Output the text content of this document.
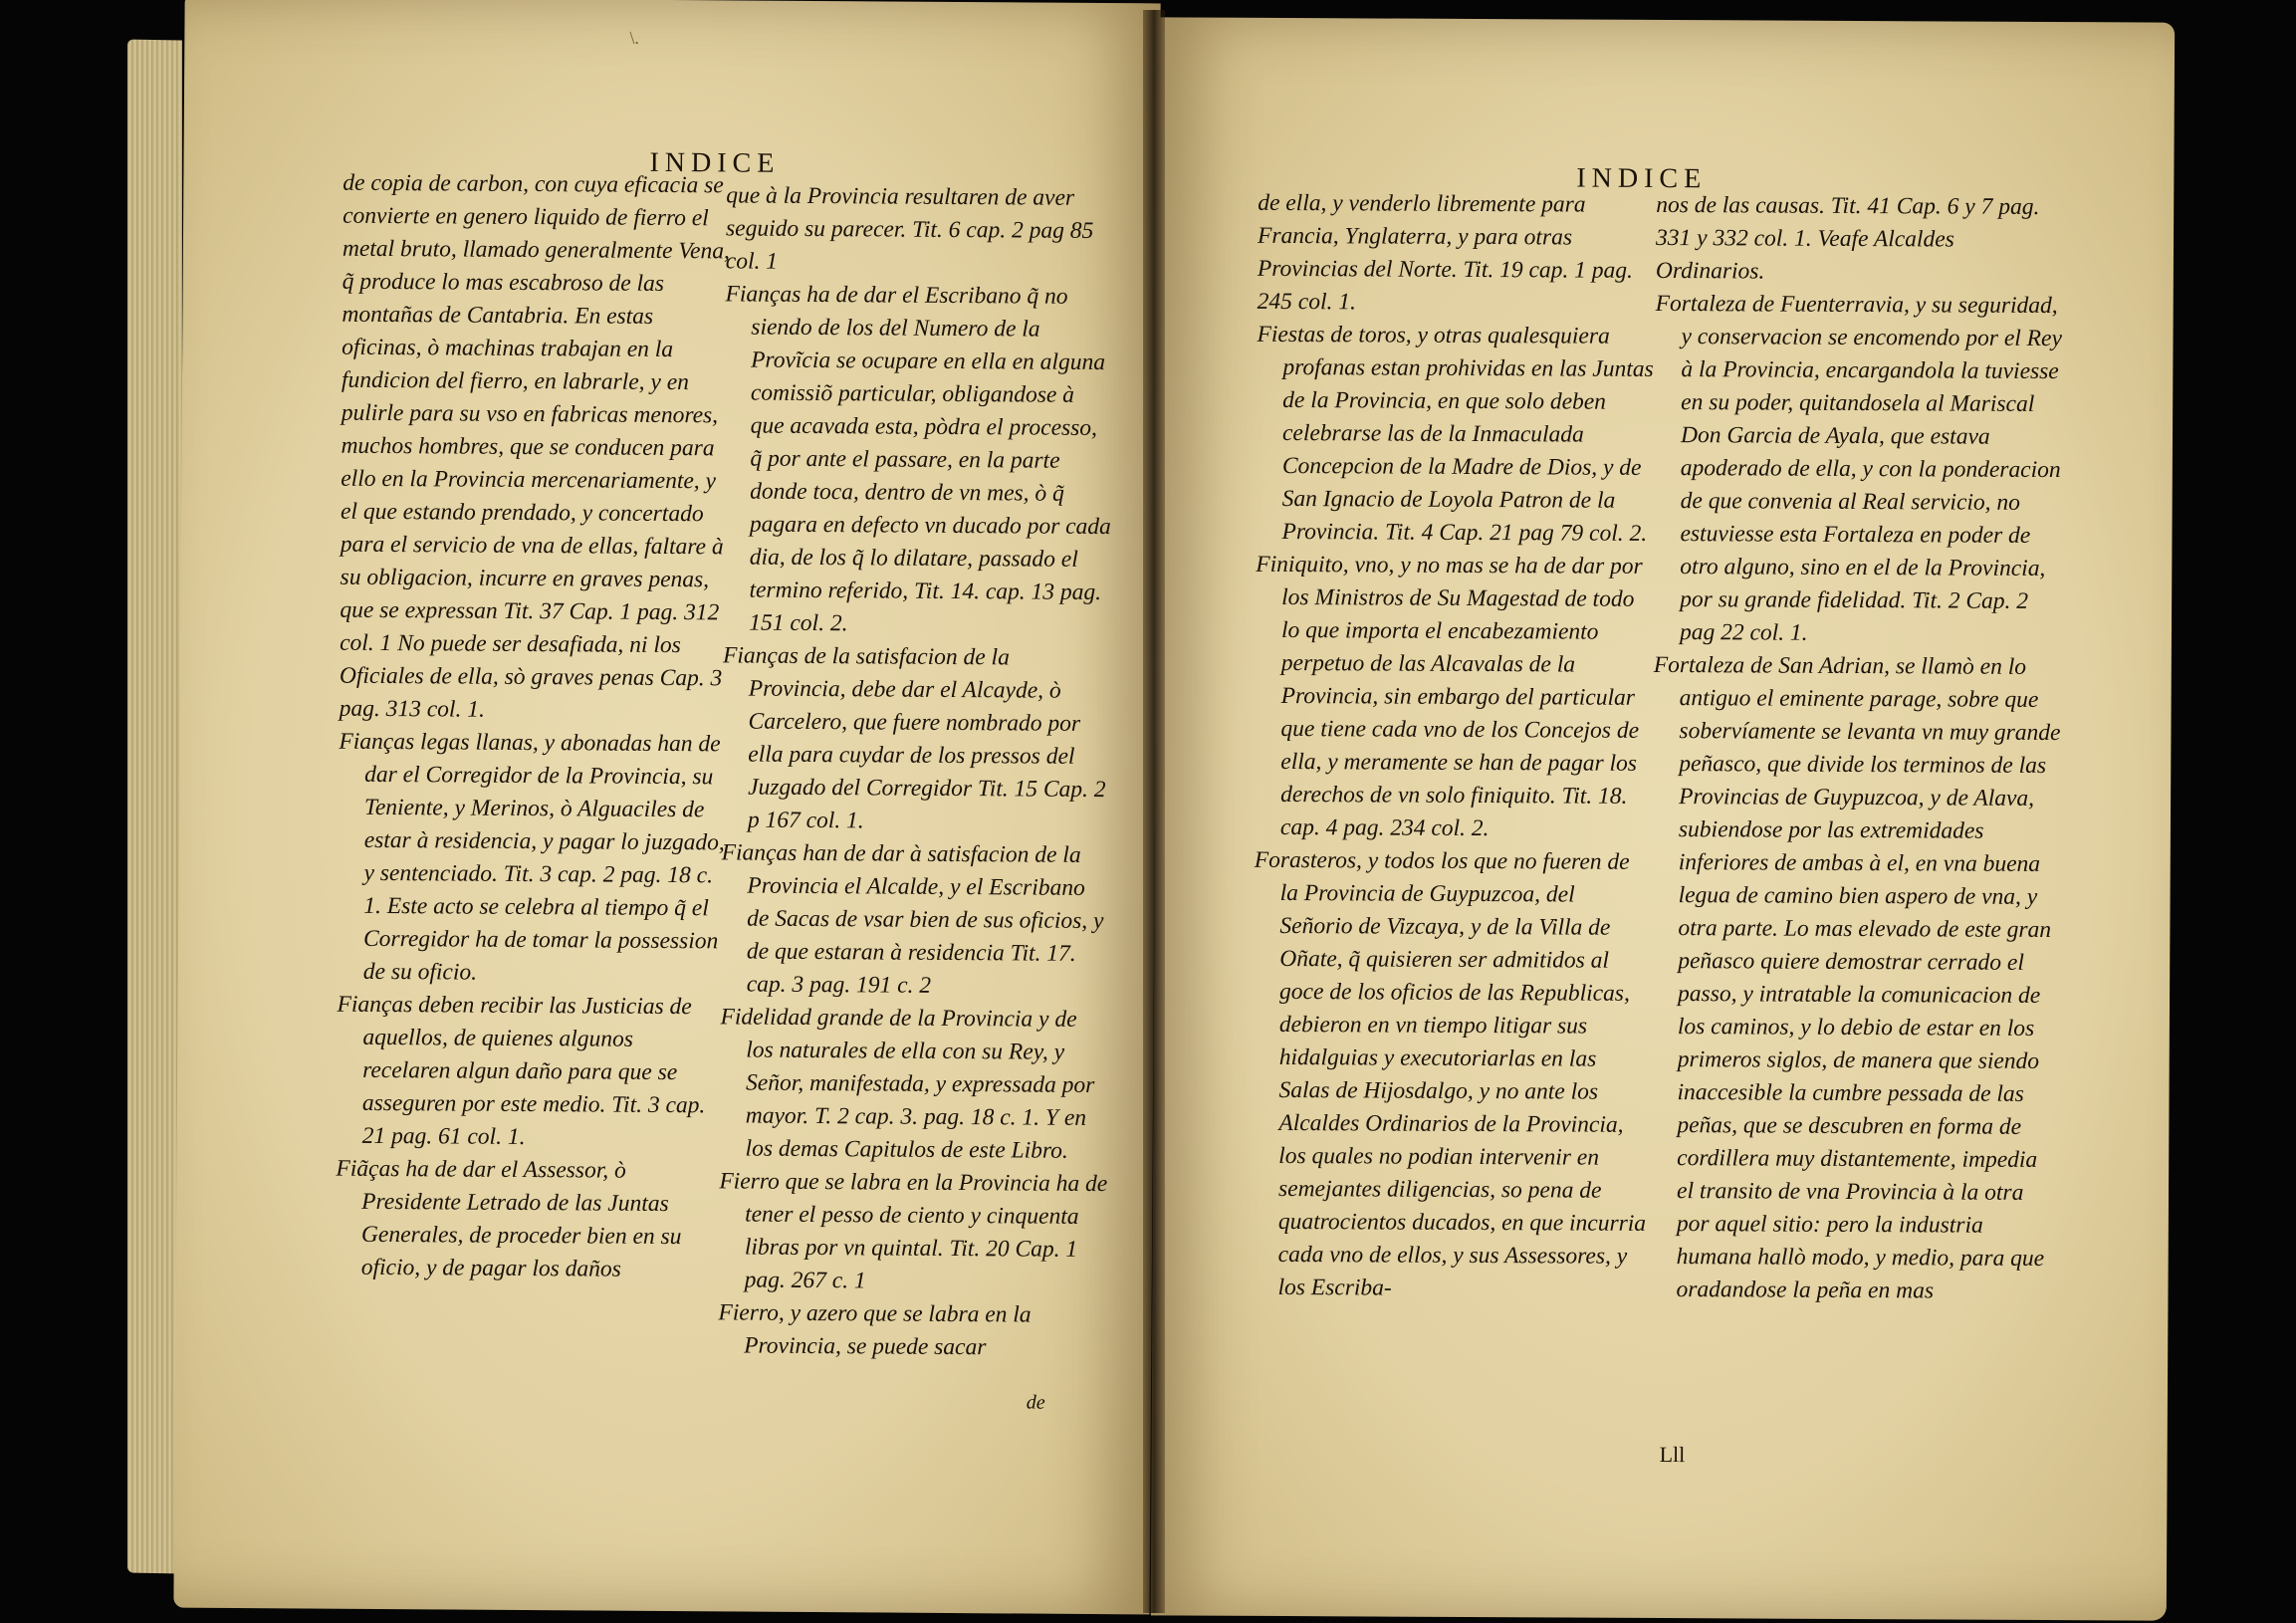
\.
INDICE

de copia de carbon, con cuya eficacia se convierte en genero liquido de fierro el metal bruto, llamado generalmente Vena, q̃ produce lo mas escabroso de las montañas de Cantabria. En estas oficinas, ò machinas trabajan en la fundicion del fierro, en labrarle, y en pulirle para su vso en fabricas menores, muchos hombres, que se conducen para ello en la Provincia mercenariamente, y el que estando prendado, y concertado para el servicio de vna de ellas, faltare à su obligacion, incurre en graves penas, que se expressan Tit. 37 Cap. 1 pag. 312 col. 1 No puede ser desafiada, ni los Oficiales de ella, sò graves penas Cap. 3 pag. 313 col. 1.

Fianças legas llanas, y abonadas han de dar el Corregidor de la Provincia, su Teniente, y Merinos, ò Alguaciles de estar à residencia, y pagar lo juzgado, y sentenciado. Tit. 3 cap. 2 pag. 18 c. 1. Este acto se celebra al tiempo q̃ el Corregidor ha de tomar la possession de su oficio.

Fianças deben recibir las Justicias de aquellos, de quienes algunos recelaren algun daño para que se asseguren por este medio. Tit. 3 cap. 21 pag. 61 col. 1.

Fiãças ha de dar el Assessor, ò Presidente Letrado de las Juntas Generales, de proceder bien en su oficio, y de pagar los daños

que à la Provincia resultaren de aver seguido su parecer. Tit. 6 cap. 2 pag 85 col. 1

Fianças ha de dar el Escribano q̃ no siendo de los del Numero de la Provĩcia se ocupare en ella en alguna comissiõ particular, obligandose à que acavada esta, pòdra el processo, q̃ por ante el passare, en la parte donde toca, dentro de vn mes, ò q̃ pagara en defecto vn ducado por cada dia, de los q̃ lo dilatare, passado el termino referido, Tit. 14. cap. 13 pag. 151 col. 2.

Fianças de la satisfacion de la Provincia, debe dar el Alcayde, ò Carcelero, que fuere nombrado por ella para cuydar de los pressos del Juzgado del Corregidor Tit. 15 Cap. 2 p 167 col. 1.

Fianças han de dar à satisfacion de la Provincia el Alcalde, y el Escribano de Sacas de vsar bien de sus oficios, y de que estaran à residencia Tit. 17. cap. 3 pag. 191 c. 2

Fidelidad grande de la Provincia y de los naturales de ella con su Rey, y Señor, manifestada, y expressada por mayor. T. 2 cap. 3. pag. 18 c. 1. Y en los demas Capitulos de este Libro.

Fierro que se labra en la Provincia ha de tener el pesso de ciento y cinquenta libras por vn quintal. Tit. 20 Cap. 1 pag. 267 c. 1

Fierro, y azero que se labra en la Provincia, se puede sacar

de
INDICE

de ella, y venderlo libremente para Francia, Ynglaterra, y para otras Provincias del Norte. Tit. 19 cap. 1 pag. 245 col. 1.

Fiestas de toros, y otras qualesquiera profanas estan prohividas en las Juntas de la Provincia, en que solo deben celebrarse las de la Inmaculada Concepcion de la Madre de Dios, y de San Ignacio de Loyola Patron de la Provincia. Tit. 4 Cap. 21 pag 79 col. 2.

Finiquito, vno, y no mas se ha de dar por los Ministros de Su Magestad de todo lo que importa el encabezamiento perpetuo de las Alcavalas de la Provincia, sin embargo del particular que tiene cada vno de los Concejos de ella, y meramente se han de pagar los derechos de vn solo finiquito. Tit. 18. cap. 4 pag. 234 col. 2.

Forasteros, y todos los que no fueren de la Provincia de Guypuzcoa, del Señorio de Vizcaya, y de la Villa de Oñate, q̃ quisieren ser admitidos al goce de los oficios de las Republicas, debieron en vn tiempo litigar sus hidalguias y executoriarlas en las Salas de Hijosdalgo, y no ante los Alcaldes Ordinarios de la Provincia, los quales no podian intervenir en semejantes diligencias, so pena de quatrocientos ducados, en que incurria cada vno de ellos, y sus Assessores, y los Escriba-

nos de las causas. Tit. 41 Cap. 6 y 7 pag. 331 y 332 col. 1. Veafe Alcaldes Ordinarios.

Fortaleza de Fuenterravia, y su seguridad, y conservacion se encomendo por el Rey à la Provincia, encargandola la tuviesse en su poder, quitandosela al Mariscal Don Garcia de Ayala, que estava apoderado de ella, y con la ponderacion de que convenia al Real servicio, no estuviesse esta Fortaleza en poder de otro alguno, sino en el de la Provincia, por su grande fidelidad. Tit. 2 Cap. 2 pag 22 col. 1.

Fortaleza de San Adrian, se llamò en lo antiguo el eminente parage, sobre que sobervíamente se levanta vn muy grande peñasco, que divide los terminos de las Provincias de Guypuzcoa, y de Alava, subiendose por las extremidades inferiores de ambas à el, en vna buena legua de camino bien aspero de vna, y otra parte. Lo mas elevado de este gran peñasco quiere demostrar cerrado el passo, y intratable la comunicacion de los caminos, y lo debio de estar en los primeros siglos, de manera que siendo inaccesible la cumbre pessada de las peñas, que se descubren en forma de cordillera muy distantemente, impedia el transito de vna Provincia à la otra por aquel sitio: pero la industria humana hallò modo, y medio, para que oradandose la peña en mas

Lll
